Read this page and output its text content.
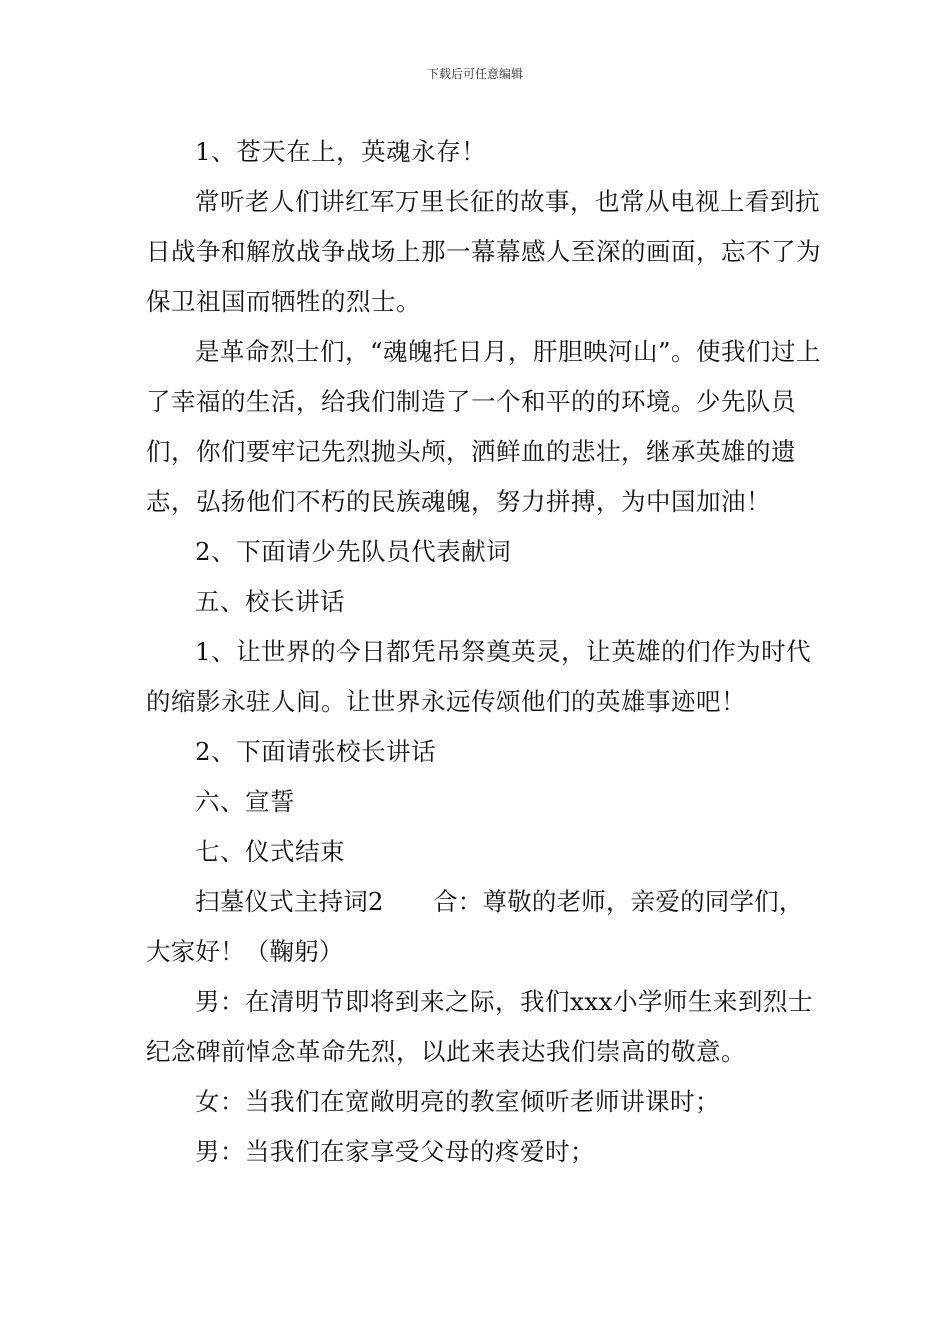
下载后可任意编辑

1、苍天在上，英魂永存！

常听老人们讲红军万里长征的故事，也常从电视上看到抗日战争和解放战争战场上那一幕幕感人至深的画面，忘不了为保卫祖国而牺牲的烈士。

是革命烈士们，“魂魄托日月，肝胆映河山”。使我们过上了幸福的生活，给我们制造了一个和平的的环境。少先队员们，你们要牢记先烈抛头颅，洒鲜血的悲壮，继承英雄的遗志，弘扬他们不朽的民族魂魄，努力拼搏，为中国加油！

2、下面请少先队员代表献词

五、校长讲话

1、让世界的今日都凭吊祭奠英灵，让英雄的们作为时代的缩影永驻人间。让世界永远传颂他们的英雄事迹吧！

2、下面请张校长讲话

六、宣誓

七、仪式结束

扫墓仪式主持词2　　合：尊敬的老师，亲爱的同学们，大家好！（鞠躬）

男：在清明节即将到来之际，我们xxx小学师生来到烈士纪念碑前悼念革命先烈，以此来表达我们崇高的敬意。

女：当我们在宽敞明亮的教室倾听老师讲课时；

男：当我们在家享受父母的疼爱时；
